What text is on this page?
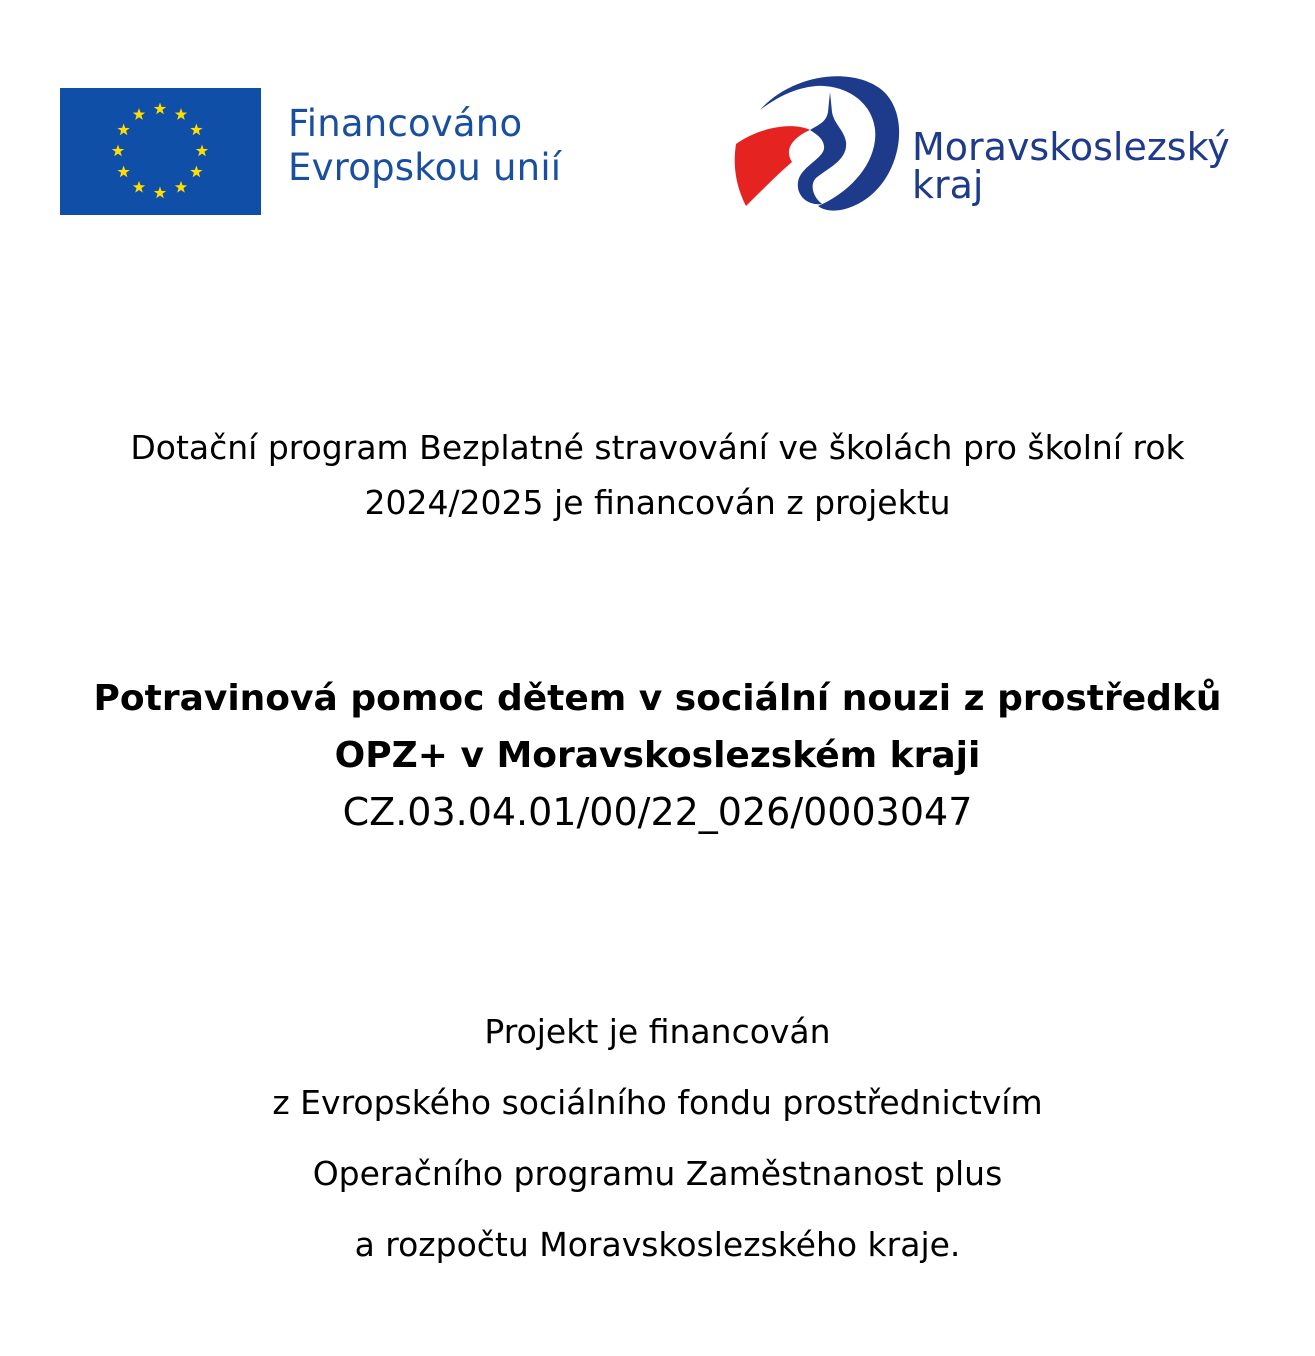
Financováno
Evropskou unií	Moravskoslezský
kraj
Dotační program Bezplatné stravování ve školách pro školní rok
2024/2025 je financován z projektu
Potravinová pomoc dětem v sociální nouzi z prostředků
OPZ+ v Moravskoslezském kraji
CZ.03.04.01/00/22_026/0003047
Projekt je financován
z Evropského sociálního fondu prostřednictvím
Operačního programu Zaměstnanost plus
a rozpočtu Moravskoslezského kraje.
